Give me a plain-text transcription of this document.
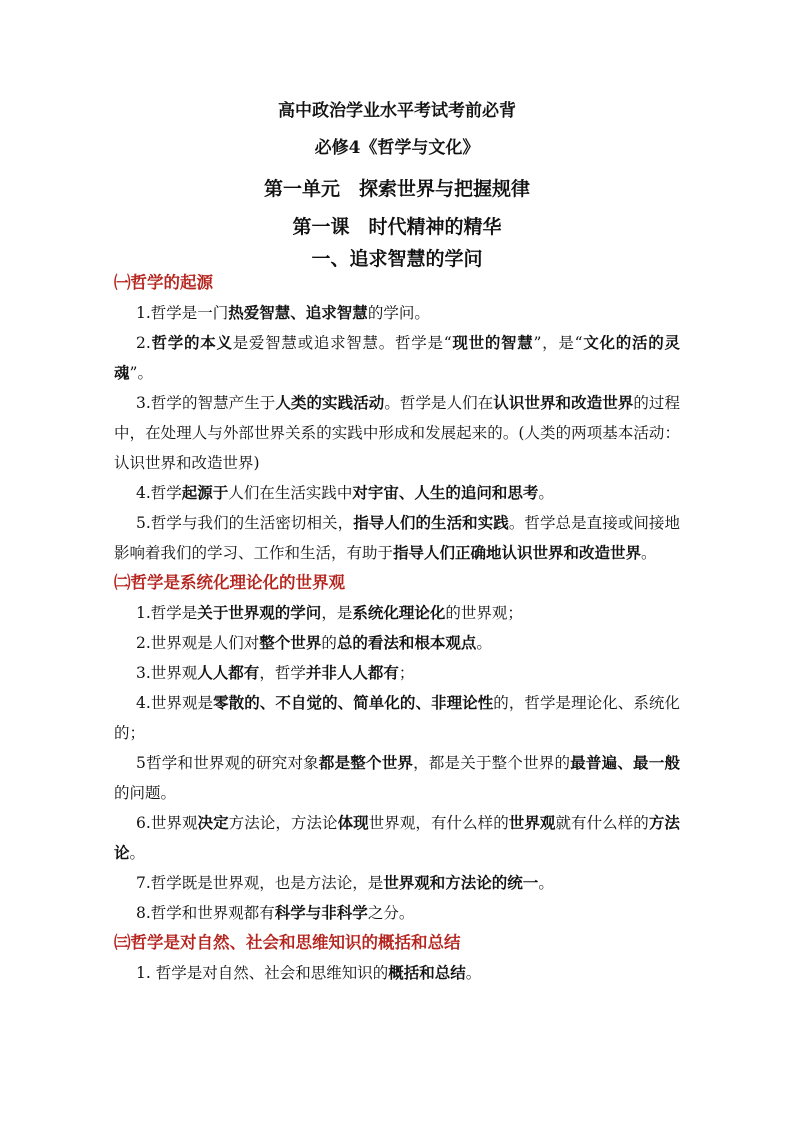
高中政治学业水平考试考前必背
必修4《哲学与文化》
第一单元　探索世界与把握规律
第一课　时代精神的精华
一、追求智慧的学问
㈠哲学的起源
1.哲学是一门热爱智慧、追求智慧的学问。
2.哲学的本义是爱智慧或追求智慧。哲学是“现世的智慧”，是“文化的活的灵魂”。
3.哲学的智慧产生于人类的实践活动。哲学是人们在认识世界和改造世界的过程中，在处理人与外部世界关系的实践中形成和发展起来的。(人类的两项基本活动：认识世界和改造世界)
4.哲学起源于人们在生活实践中对宇宙、人生的追问和思考。
5.哲学与我们的生活密切相关，指导人们的生活和实践。哲学总是直接或间接地影响着我们的学习、工作和生活，有助于指导人们正确地认识世界和改造世界。
㈡哲学是系统化理论化的世界观
1.哲学是关于世界观的学问，是系统化理论化的世界观；
2.世界观是人们对整个世界的总的看法和根本观点。
3.世界观人人都有，哲学并非人人都有；
4.世界观是零散的、不自觉的、简单化的、非理论性的，哲学是理论化、系统化的；
5哲学和世界观的研究对象都是整个世界，都是关于整个世界的最普遍、最一般的问题。
6.世界观决定方法论，方法论体现世界观，有什么样的世界观就有什么样的方法论。
7.哲学既是世界观，也是方法论，是世界观和方法论的统一。
8.哲学和世界观都有科学与非科学之分。
㈢哲学是对自然、社会和思维知识的概括和总结
1. 哲学是对自然、社会和思维知识的概括和总结。
